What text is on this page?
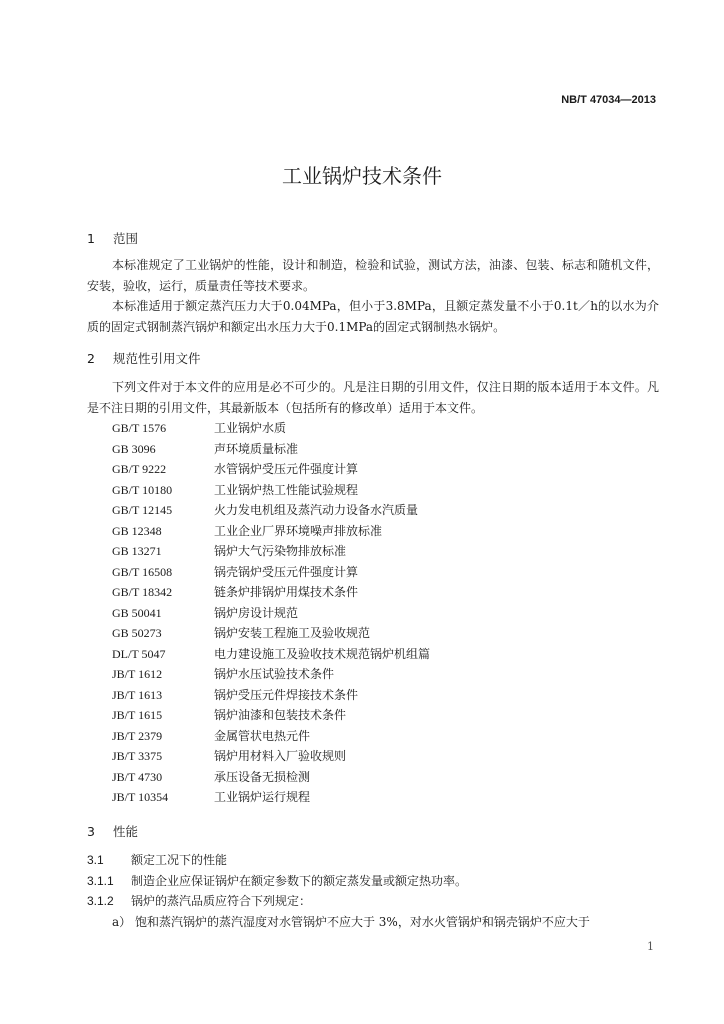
NB/T 47034—2013
工业锅炉技术条件
1 范围
本标准规定了工业锅炉的性能，设计和制造，检验和试验，测试方法，油漆、包装、标志和随机文件，安装，验收，运行，质量责任等技术要求。
本标准适用于额定蒸汽压力大于0.04MPa，但小于3.8MPa，且额定蒸发量不小于0.1t／h的以水为介质的固定式钢制蒸汽锅炉和额定出水压力大于0.1MPa的固定式钢制热水锅炉。
2 规范性引用文件
下列文件对于本文件的应用是必不可少的。凡是注日期的引用文件，仅注日期的版本适用于本文件。凡是不注日期的引用文件，其最新版本（包括所有的修改单）适用于本文件。
GB/T 1576	工业锅炉水质
GB 3096	声环境质量标准
GB/T 9222	水管锅炉受压元件强度计算
GB/T 10180	工业锅炉热工性能试验规程
GB/T 12145	火力发电机组及蒸汽动力设备水汽质量
GB 12348	工业企业厂界环境噪声排放标准
GB 13271	锅炉大气污染物排放标准
GB/T 16508	锅壳锅炉受压元件强度计算
GB/T 18342	链条炉排锅炉用煤技术条件
GB 50041	锅炉房设计规范
GB 50273	锅炉安装工程施工及验收规范
DL/T 5047	电力建设施工及验收技术规范锅炉机组篇
JB/T 1612	锅炉水压试验技术条件
JB/T 1613	锅炉受压元件焊接技术条件
JB/T 1615	锅炉油漆和包装技术条件
JB/T 2379	金属管状电热元件
JB/T 3375	锅炉用材料入厂验收规则
JB/T 4730	承压设备无损检测
JB/T 10354	工业锅炉运行规程
3 性能
3.1 额定工况下的性能
3.1.1 制造企业应保证锅炉在额定参数下的额定蒸发量或额定热功率。
3.1.2 锅炉的蒸汽品质应符合下列规定：
a） 饱和蒸汽锅炉的蒸汽湿度对水管锅炉不应大于 3%，对水火管锅炉和锅壳锅炉不应大于
1
